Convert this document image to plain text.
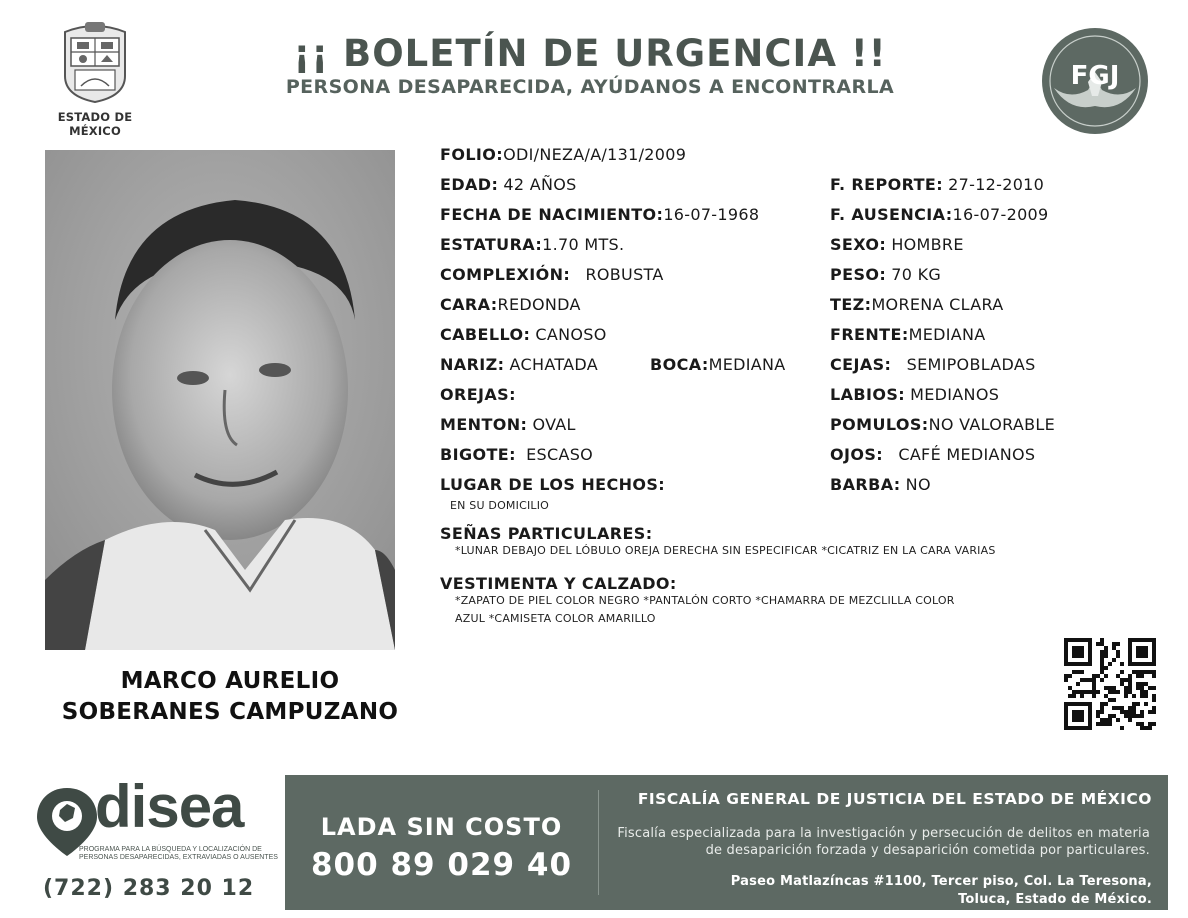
ESTADO DE MÉXICO
¡¡ BOLETÍN DE URGENCIA !!
PERSONA DESAPARECIDA, AYÚDANOS A ENCONTRARLA	FGJ
MARCO AURELIO
SOBERANES CAMPUZANO
FOLIO:ODI/NEZA/A/131/2009
EDAD: 42 AÑOS
FECHA DE NACIMIENTO:16-07-1968
ESTATURA:1.70 MTS.
COMPLEXIÓN: ROBUSTA
CARA:REDONDA
CABELLO: CANOSO
NARIZ: ACHATADA	BOCA:MEDIANA
OREJAS:
MENTON: OVAL
BIGOTE: ESCASO
LUGAR DE LOS HECHOS:
EN SU DOMICILIO
F. REPORTE: 27-12-2010
F. AUSENCIA:16-07-2009
SEXO: HOMBRE
PESO: 70 KG
TEZ:MORENA CLARA
FRENTE:MEDIANA
CEJAS: SEMIPOBLADAS
LABIOS: MEDIANOS
POMULOS:NO VALORABLE
OJOS: CAFÉ MEDIANOS
BARBA: NO
SEÑAS PARTICULARES:
*LUNAR DEBAJO DEL LÓBULO OREJA DERECHA SIN ESPECIFICAR *CICATRIZ EN LA CARA VARIAS
VESTIMENTA Y CALZADO:
*ZAPATO DE PIEL COLOR NEGRO *PANTALÓN CORTO *CHAMARRA DE MEZCLILLA COLOR
AZUL *CAMISETA COLOR AMARILLO
disea
PROGRAMA PARA LA BÚSQUEDA Y LOCALIZACIÓN DE PERSONAS DESAPARECIDAS, EXTRAVIADAS O AUSENTES
(722) 283 20 12
LADA SIN COSTO
800 89 029 40
FISCALÍA GENERAL DE JUSTICIA DEL ESTADO DE MÉXICO
Fiscalía especializada para la investigación y persecución de delitos en materia de desaparición forzada y desaparición cometida por particulares.
Paseo Matlazíncas #1100, Tercer piso, Col. La Teresona,
Toluca, Estado de México.
